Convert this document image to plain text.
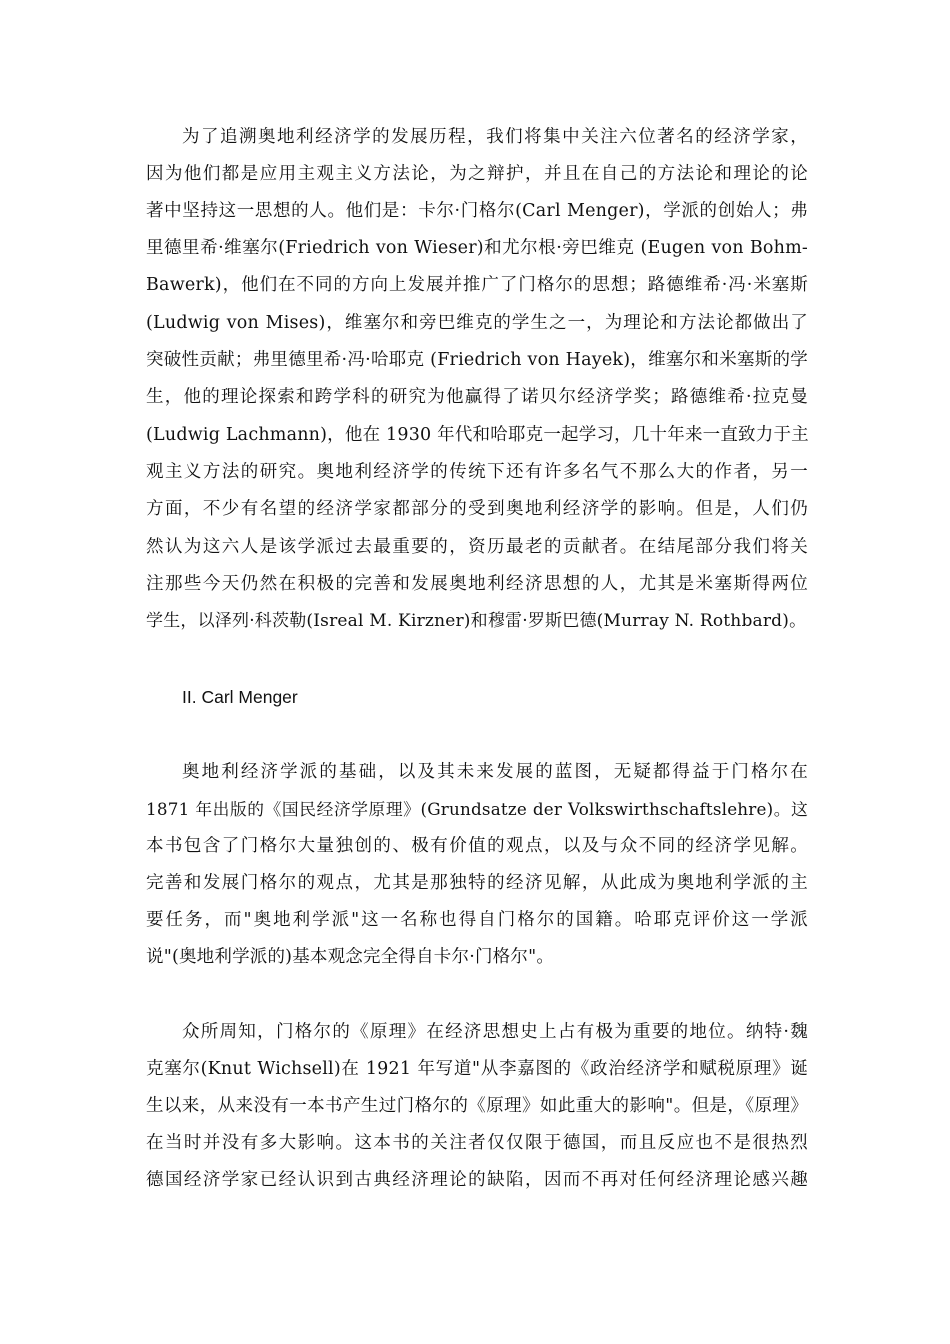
为了追溯奥地利经济学的发展历程，我们将集中关注六位著名的经济学家，
因为他们都是应用主观主义方法论，为之辩护，并且在自己的方法论和理论的论
著中坚持这一思想的人。他们是：卡尔·门格尔(Carl Menger)，学派的创始人；弗
里德里希·维塞尔(Friedrich von Wieser)和尤尔根·旁巴维克 (Eugen von Bohm-
Bawerk)，他们在不同的方向上发展并推广了门格尔的思想；路德维希·冯·米塞斯
(Ludwig von Mises)，维塞尔和旁巴维克的学生之一，为理论和方法论都做出了
突破性贡献；弗里德里希·冯·哈耶克 (Friedrich von Hayek)，维塞尔和米塞斯的学
生，他的理论探索和跨学科的研究为他赢得了诺贝尔经济学奖；路德维希·拉克曼
(Ludwig Lachmann)，他在 1930 年代和哈耶克一起学习，几十年来一直致力于主
观主义方法的研究。奥地利经济学的传统下还有许多名气不那么大的作者，另一
方面，不少有名望的经济学家都部分的受到奥地利经济学的影响。但是，人们仍
然认为这六人是该学派过去最重要的，资历最老的贡献者。在结尾部分我们将关
注那些今天仍然在积极的完善和发展奥地利经济思想的人，尤其是米塞斯得两位
学生，以泽列·科茨勒(Isreal M. Kirzner)和穆雷·罗斯巴德(Murray N. Rothbard)。
II. Carl Menger
奥地利经济学派的基础，以及其未来发展的蓝图，无疑都得益于门格尔在
1871 年出版的《国民经济学原理》(Grundsatze der Volkswirthschaftslehre)。这
本书包含了门格尔大量独创的、极有价值的观点，以及与众不同的经济学见解。
完善和发展门格尔的观点，尤其是那独特的经济见解，从此成为奥地利学派的主
要任务，而"奥地利学派"这一名称也得自门格尔的国籍。哈耶克评价这一学派
说"(奥地利学派的)基本观念完全得自卡尔·门格尔"。
众所周知，门格尔的《原理》在经济思想史上占有极为重要的地位。纳特·魏
克塞尔(Knut Wichsell)在 1921 年写道"从李嘉图的《政治经济学和赋税原理》诞
生以来，从来没有一本书产生过门格尔的《原理》如此重大的影响"。但是，《原理》
在当时并没有多大影响。这本书的关注者仅仅限于德国，而且反应也不是很热烈
德国经济学家已经认识到古典经济理论的缺陷，因而不再对任何经济理论感兴趣
